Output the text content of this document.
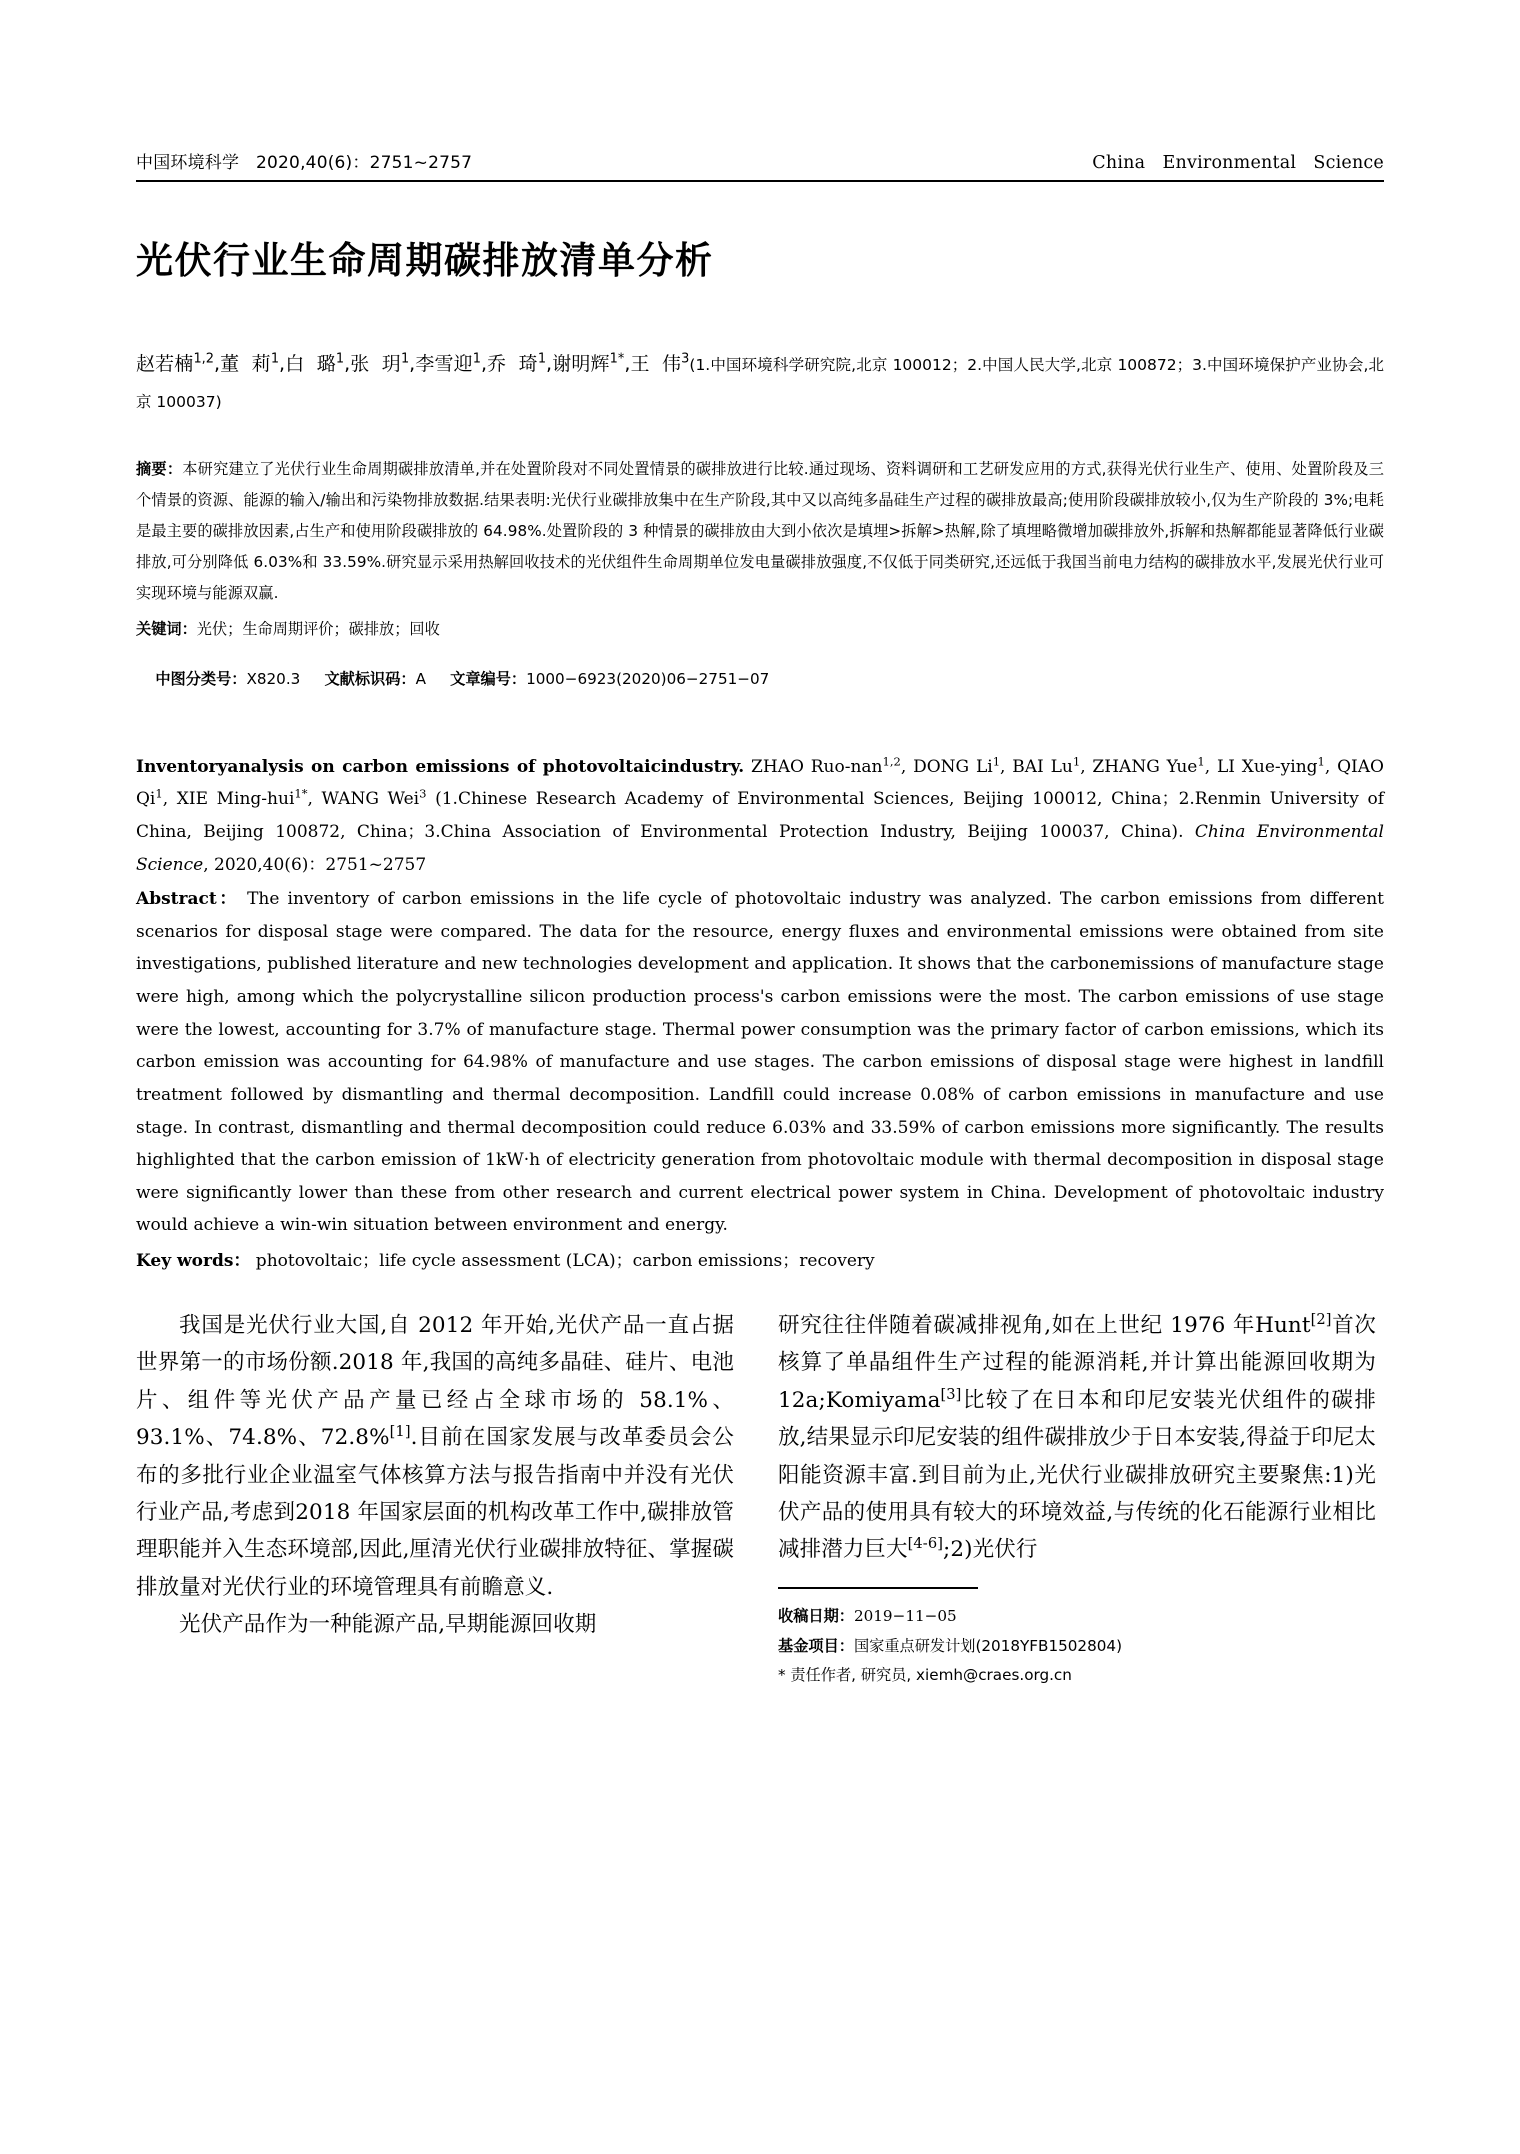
中国环境科学   2020,40(6)：2751~2757	China   Environmental   Science
光伏行业生命周期碳排放清单分析
赵若楠$^{1,2}$,董  莉$^1$,白  璐$^1$,张  玥$^1$,李雪迎$^1$,乔  琦$^1$,谢明辉$^{1*}$,王  伟$^3$(1.中国环境科学研究院,北京 100012；2.中国人民大学,北京 100872；3.中国环境保护产业协会,北京 100037)
摘要：本研究建立了光伏行业生命周期碳排放清单,并在处置阶段对不同处置情景的碳排放进行比较.通过现场、资料调研和工艺研发应用的方式,获得光伏行业生产、使用、处置阶段及三个情景的资源、能源的输入/输出和污染物排放数据.结果表明:光伏行业碳排放集中在生产阶段,其中又以高纯多晶硅生产过程的碳排放最高;使用阶段碳排放较小,仅为生产阶段的 3%;电耗是最主要的碳排放因素,占生产和使用阶段碳排放的 64.98%.处置阶段的 3 种情景的碳排放由大到小依次是填埋>拆解>热解,除了填埋略微增加碳排放外,拆解和热解都能显著降低行业碳排放,可分别降低 6.03%和 33.59%.研究显示采用热解回收技术的光伏组件生命周期单位发电量碳排放强度,不仅低于同类研究,还远低于我国当前电力结构的碳排放水平,发展光伏行业可实现环境与能源双赢.
关键词：光伏；生命周期评价；碳排放；回收

中图分类号：X820.3 文献标识码：A 文章编号：1000−6923(2020)06−2751−07

Inventoryanalysis on carbon emissions of photovoltaicindustry. ZHAO Ruo-nan$^{1,2}$, DONG Li$^1$, BAI Lu$^1$, ZHANG Yue$^1$, LI Xue-ying$^1$, QIAO Qi$^1$, XIE Ming-hui$^{1*}$, WANG Wei$^3$ (1.Chinese Research Academy of Environmental Sciences, Beijing 100012, China；2.Renmin University of China, Beijing 100872, China；3.China Association of Environmental Protection Industry, Beijing 100037, China). China Environmental Science, 2020,40(6)：2751~2757
Abstract： The inventory of carbon emissions in the life cycle of photovoltaic industry was analyzed. The carbon emissions from different scenarios for disposal stage were compared. The data for the resource, energy fluxes and environmental emissions were obtained from site investigations, published literature and new technologies development and application. It shows that the carbonemissions of manufacture stage were high, among which the polycrystalline silicon production process's carbon emissions were the most. The carbon emissions of use stage were the lowest, accounting for 3.7% of manufacture stage. Thermal power consumption was the primary factor of carbon emissions, which its carbon emission was accounting for 64.98% of manufacture and use stages. The carbon emissions of disposal stage were highest in landfill treatment followed by dismantling and thermal decomposition. Landfill could increase 0.08% of carbon emissions in manufacture and use stage. In contrast, dismantling and thermal decomposition could reduce 6.03% and 33.59% of carbon emissions more significantly. The results highlighted that the carbon emission of 1kW·h of electricity generation from photovoltaic module with thermal decomposition in disposal stage were significantly lower than these from other research and current electrical power system in China. Development of photovoltaic industry would achieve a win-win situation between environment and energy.
Key words： photovoltaic；life cycle assessment (LCA)；carbon emissions；recovery

我国是光伏行业大国,自 2012 年开始,光伏产品一直占据世界第一的市场份额.2018 年,我国的高纯多晶硅、硅片、电池片、组件等光伏产品产量已经占全球市场的 58.1%、93.1%、74.8%、72.8%[1].目前在国家发展与改革委员会公布的多批行业企业温室气体核算方法与报告指南中并没有光伏行业产品,考虑到2018 年国家层面的机构改革工作中,碳排放管理职能并入生态环境部,因此,厘清光伏行业碳排放特征、掌握碳排放量对光伏行业的环境管理具有前瞻意义.

光伏产品作为一种能源产品,早期能源回收期

研究往往伴随着碳减排视角,如在上世纪 1976 年Hunt[2]首次核算了单晶组件生产过程的能源消耗,并计算出能源回收期为 12a;Komiyama[3]比较了在日本和印尼安装光伏组件的碳排放,结果显示印尼安装的组件碳排放少于日本安装,得益于印尼太阳能资源丰富.到目前为止,光伏行业碳排放研究主要聚焦:1)光伏产品的使用具有较大的环境效益,与传统的化石能源行业相比减排潜力巨大[4-6];2)光伏行

收稿日期：2019−11−05
基金项目：国家重点研发计划(2018YFB1502804)
* 责任作者, 研究员, xiemh@craes.org.cn
